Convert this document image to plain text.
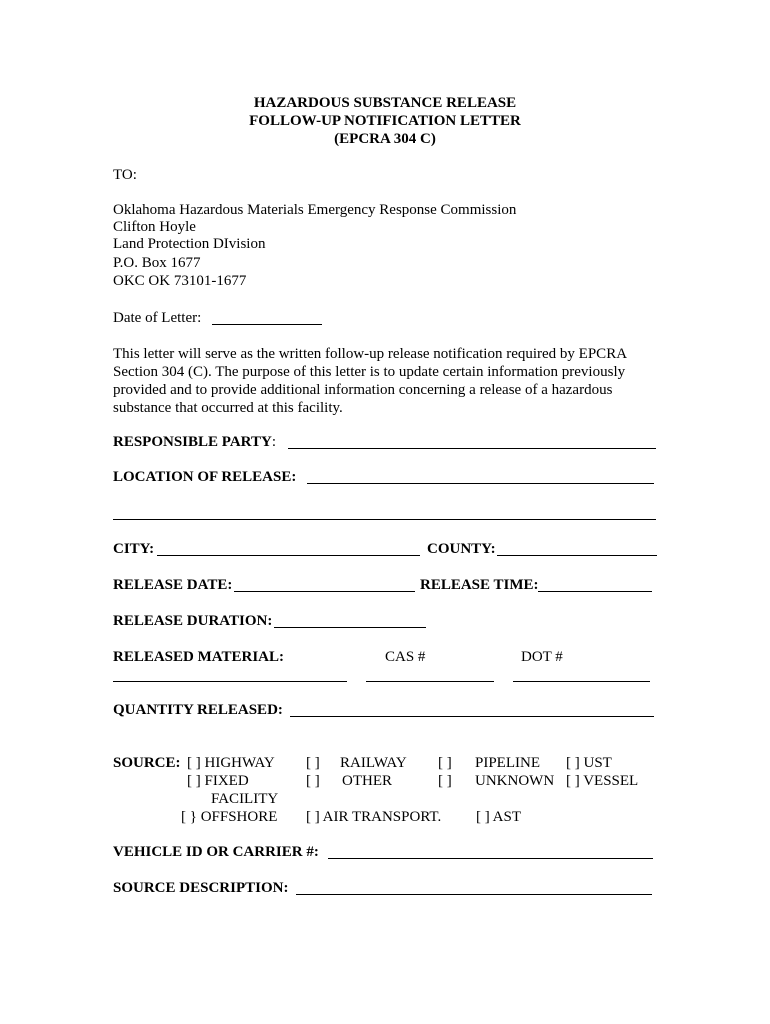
HAZARDOUS SUBSTANCE RELEASE
FOLLOW-UP NOTIFICATION LETTER
(EPCRA 304 C)
TO:
Oklahoma Hazardous Materials Emergency Response Commission
Clifton Hoyle
Land Protection DIvision
P.O. Box 1677
OKC OK 73101-1677
Date of Letter:
This letter will serve as the written follow-up release notification required by EPCRA Section 304 (C). The purpose of this letter is to update certain information previously provided and to provide additional information concerning a release of a hazardous substance that occurred at this facility.
RESPONSIBLE PARTY:
LOCATION OF RELEASE:
CITY:	COUNTY:
RELEASE DATE:	RELEASE TIME:
RELEASE DURATION:
RELEASED MATERIAL:	CAS #	DOT #
QUANTITY RELEASED:
SOURCE: [ ] HIGHWAY [ ] RAILWAY [ ] PIPELINE [ ] UST
[ ] FIXED	[ ] OTHER	[ ] UNKNOWN [ ] VESSEL
FACILITY
[ } OFFSHORE [ ] AIR TRANSPORT. [ ] AST
VEHICLE ID OR CARRIER #:
SOURCE DESCRIPTION:
